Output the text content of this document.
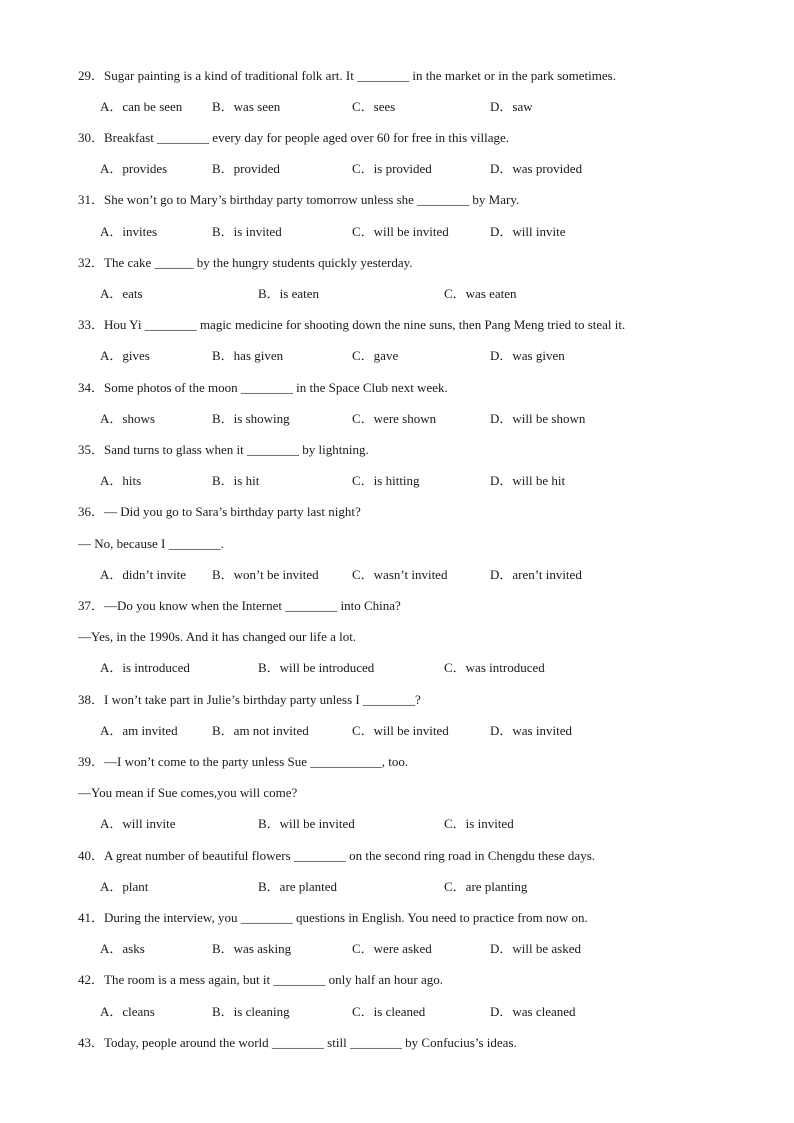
29．Sugar painting is a kind of traditional folk art. It ________ in the market or in the park sometimes.
A．can be seen B．was seen	C．sees	D．saw
30．Breakfast ________ every day for people aged over 60 for free in this village.
A．provides	B．provided	C．is provided	D．was provided
31．She won’t go to Mary’s birthday party tomorrow unless she ________ by Mary.
A．invites	B．is invited	C．will be invited	D．will invite
32．The cake ______ by the hungry students quickly yesterday.
A．eats	B．is eaten	C．was eaten
33．Hou Yi ________ magic medicine for shooting down the nine suns, then Pang Meng tried to steal it.
A．gives	B．has given	C．gave	D．was given
34．Some photos of the moon ________ in the Space Club next week.
A．shows	B．is showing	C．were shown	D．will be shown
35．Sand turns to glass when it ________ by lightning.
A．hits	B．is hit	C．is hitting	D．will be hit
36．— Did you go to Sara’s birthday party last night?
— No, because I ________.
A．didn’t invite B．won’t be invited	C．wasn’t invited	D．aren’t invited
37．—Do you know when the Internet ________ into China?
—Yes, in the 1990s. And it has changed our life a lot.
A．is introduced	B．will be introduced	C．was introduced
38．I won’t take part in Julie’s birthday party unless I ________?
A．am invited	B．am not invited	C．will be invited	D．was invited
39．—I won’t come to the party unless Sue ___________, too.
—You mean if Sue comes,you will come?
A．will invite	B．will be invited	C．is invited
40．A great number of beautiful flowers ________ on the second ring road in Chengdu these days.
A．plant	B．are planted	C．are planting
41．During the interview, you ________ questions in English. You need to practice from now on.
A．asks	B．was asking	C．were asked	D．will be asked
42．The room is a mess again, but it ________ only half an hour ago.
A．cleans	B．is cleaning	C．is cleaned	D．was cleaned
43．Today, people around the world ________ still ________ by Confucius’s ideas.
